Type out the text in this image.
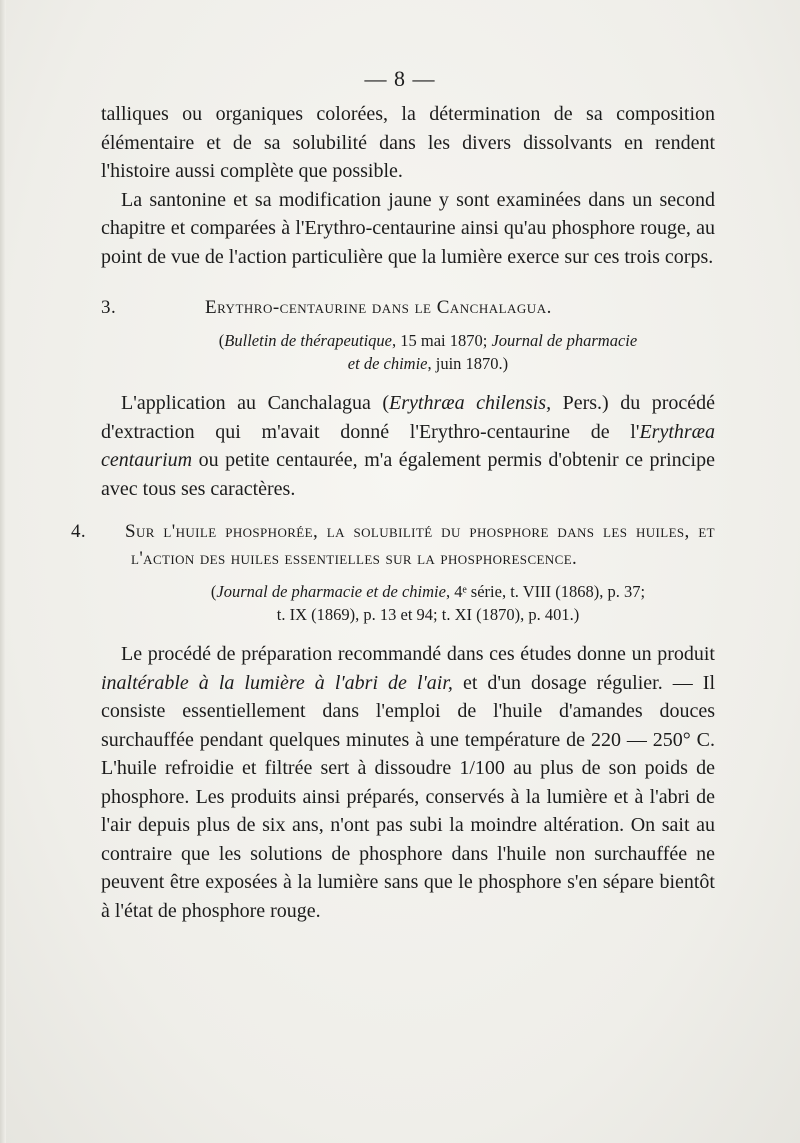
— 8 —

talliques ou organiques colorées, la détermination de sa composition élémentaire et de sa solubilité dans les divers dissolvants en rendent l'histoire aussi complète que possible.

La santonine et sa modification jaune y sont examinées dans un second chapitre et comparées à l'Erythro-centaurine ainsi qu'au phosphore rouge, au point de vue de l'action particulière que la lumière exerce sur ces trois corps.

3.	Erythro-centaurine dans le Canchalagua.
(Bulletin de thérapeutique, 15 mai 1870; Journal de pharmacie
et de chimie, juin 1870.)

L'application au Canchalagua (Erythræa chilensis, Pers.) du procédé d'extraction qui m'avait donné l'Erythro-centaurine de l'Erythræa centaurium ou petite centaurée, m'a également permis d'obtenir ce principe avec tous ses caractères.

4. Sur l'huile phosphorée, la solubilité du phosphore dans les huiles, et l'action des huiles essentielles sur la phosphorescence.
(Journal de pharmacie et de chimie, 4ᵉ série, t. VIII (1868), p. 37;
t. IX (1869), p. 13 et 94; t. XI (1870), p. 401.)

Le procédé de préparation recommandé dans ces études donne un produit inaltérable à la lumière à l'abri de l'air, et d'un dosage régulier. — Il consiste essentiellement dans l'emploi de l'huile d'amandes douces surchauffée pendant quelques minutes à une température de 220 — 250° C. L'huile refroidie et filtrée sert à dissoudre 1/100 au plus de son poids de phosphore. Les produits ainsi préparés, conservés à la lumière et à l'abri de l'air depuis plus de six ans, n'ont pas subi la moindre altération. On sait au contraire que les solutions de phosphore dans l'huile non surchauffée ne peuvent être exposées à la lumière sans que le phosphore s'en sépare bientôt à l'état de phosphore rouge.
